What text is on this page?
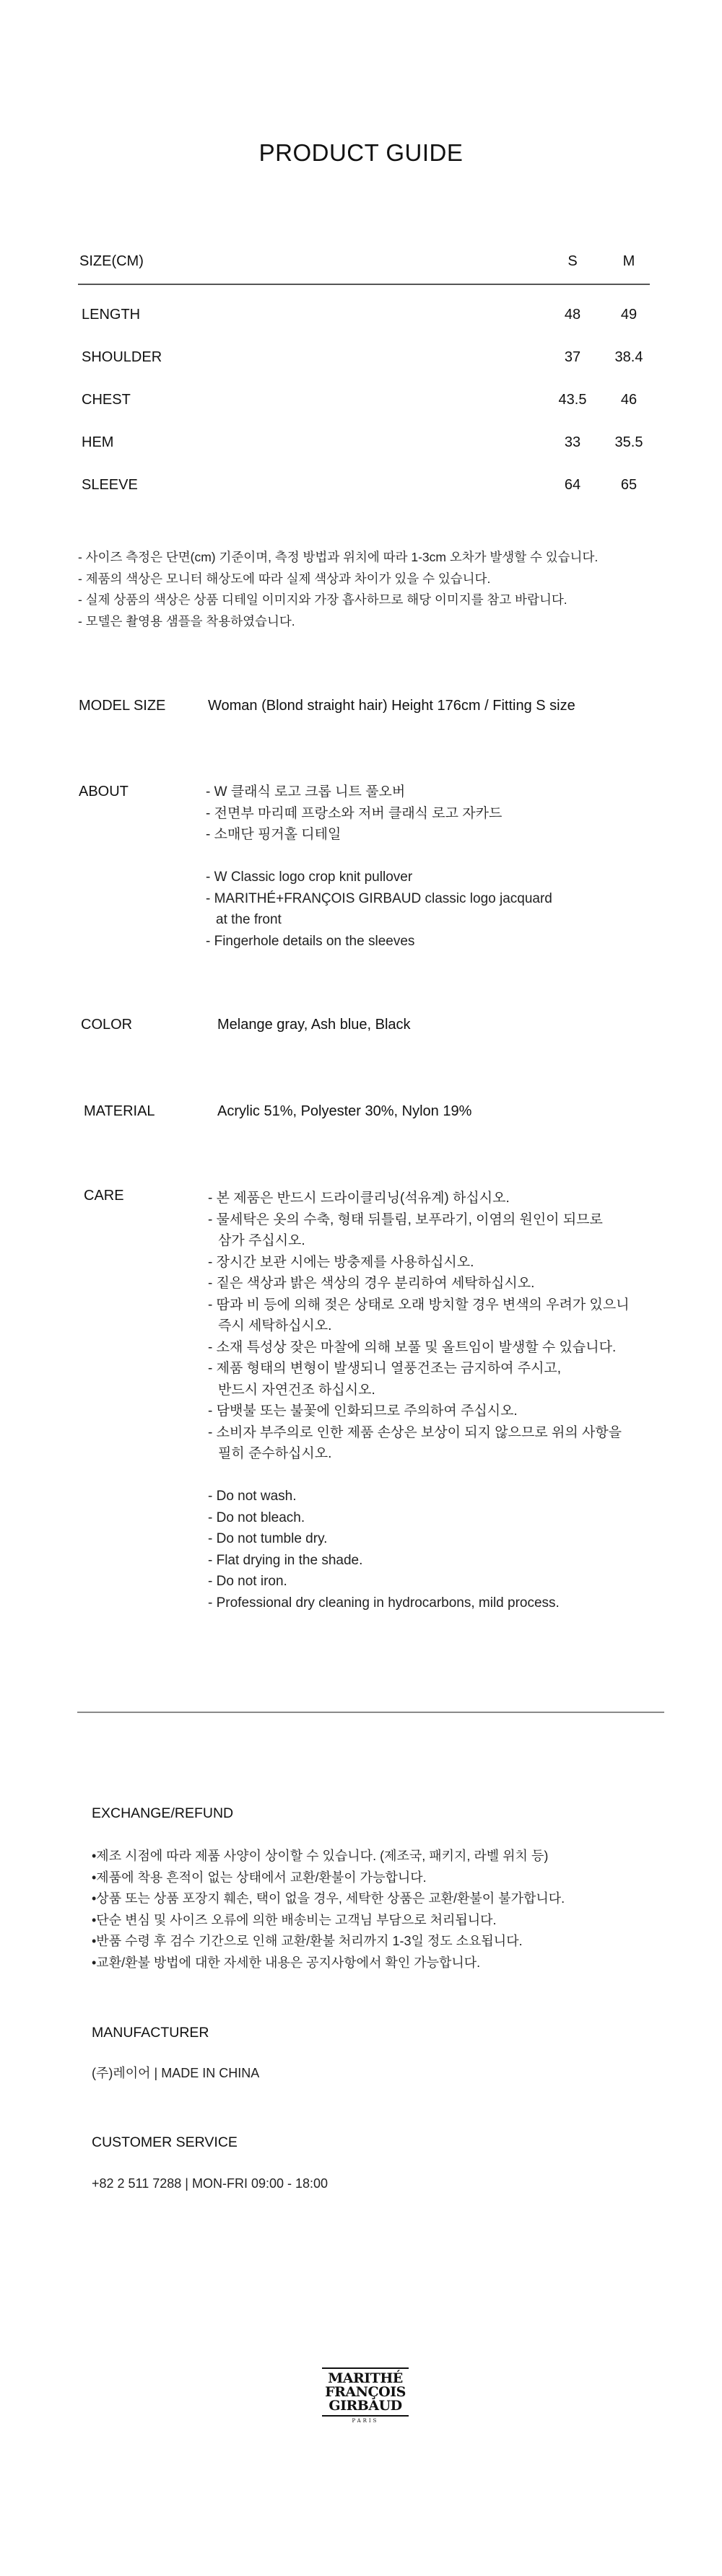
PRODUCT GUIDE
SIZE(CM)	S	M
LENGTH	48	49
SHOULDER	37	38.4
CHEST	43.5	46
HEM	33	35.5
SLEEVE	64	65
- 사이즈 측정은 단면(cm) 기준이며, 측정 방법과 위치에 따라 1-3cm 오차가 발생할 수 있습니다.
- 제품의 색상은 모니터 해상도에 따라 실제 색상과 차이가 있을 수 있습니다.
- 실제 상품의 색상은 상품 디테일 이미지와 가장 흡사하므로 해당 이미지를 참고 바랍니다.
- 모델은 촬영용 샘플을 착용하였습니다.
MODEL SIZE	Woman (Blond straight hair) Height 176cm / Fitting S size
ABOUT	- W 클래식 로고 크롭 니트 풀오버
- 전면부 마리떼 프랑소와 저버 클래식 로고 자카드
- 소매단 핑거홀 디테일
- W Classic logo crop knit pullover
- MARITHÉ+FRANÇOIS GIRBAUD classic logo jacquard
at the front
- Fingerhole details on the sleeves
COLOR	Melange gray, Ash blue, Black
MATERIAL	Acrylic 51%, Polyester 30%, Nylon 19%
CARE	- 본 제품은 반드시 드라이클리닝(석유계) 하십시오.
- 물세탁은 옷의 수축, 형태 뒤틀림, 보푸라기, 이염의 원인이 되므로
삼가 주십시오.
- 장시간 보관 시에는 방충제를 사용하십시오.
- 짙은 색상과 밝은 색상의 경우 분리하여 세탁하십시오.
- 땀과 비 등에 의해 젖은 상태로 오래 방치할 경우 변색의 우려가 있으니
즉시 세탁하십시오.
- 소재 특성상 잦은 마찰에 의해 보풀 및 올트임이 발생할 수 있습니다.
- 제품 형태의 변형이 발생되니 열풍건조는 금지하여 주시고,
반드시 자연건조 하십시오.
- 담뱃불 또는 불꽃에 인화되므로 주의하여 주십시오.
- 소비자 부주의로 인한 제품 손상은 보상이 되지 않으므로 위의 사항을
필히 준수하십시오.
- Do not wash.
- Do not bleach.
- Do not tumble dry.
- Flat drying in the shade.
- Do not iron.
- Professional dry cleaning in hydrocarbons, mild process.
EXCHANGE/REFUND
•제조 시점에 따라 제품 사양이 상이할 수 있습니다. (제조국, 패키지, 라벨 위치 등)
•제품에 착용 흔적이 없는 상태에서 교환/환불이 가능합니다.
•상품 또는 상품 포장지 훼손, 택이 없을 경우, 세탁한 상품은 교환/환불이 불가합니다.
•단순 변심 및 사이즈 오류에 의한 배송비는 고객님 부담으로 처리됩니다.
•반품 수령 후 검수 기간으로 인해 교환/환불 처리까지 1-3일 정도 소요됩니다.
•교환/환불 방법에 대한 자세한 내용은 공지사항에서 확인 가능합니다.
MANUFACTURER
(주)레이어 | MADE IN CHINA
CUSTOMER SERVICE
+82 2 511 7288 | MON-FRI 09:00 - 18:00
MARITHÉ
FRANÇOIS
GIRBAUD
PARIS
